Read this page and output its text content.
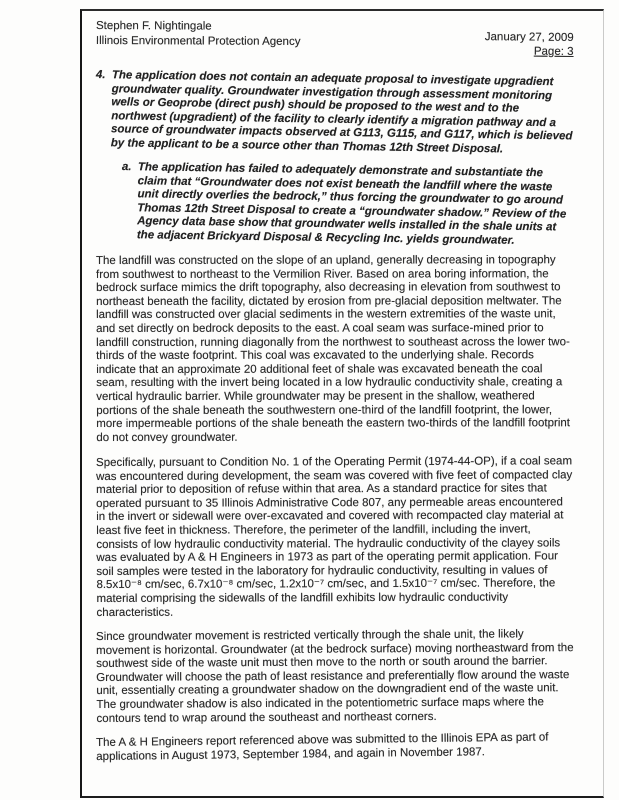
Stephen F. Nightingale
Illinois Environmental Protection Agency	January 27, 2009
Page: 3
4. The application does not contain an adequate proposal to investigate upgradient groundwater quality. Groundwater investigation through assessment monitoring wells or Geoprobe (direct push) should be proposed to the west and to the northwest (upgradient) of the facility to clearly identify a migration pathway and a source of groundwater impacts observed at G113, G115, and G117, which is believed by the applicant to be a source other than Thomas 12th Street Disposal.
a. The application has failed to adequately demonstrate and substantiate the claim that “Groundwater does not exist beneath the landfill where the waste unit directly overlies the bedrock,” thus forcing the groundwater to go around Thomas 12th Street Disposal to create a “groundwater shadow.” Review of the Agency data base show that groundwater wells installed in the shale units at the adjacent Brickyard Disposal & Recycling Inc. yields groundwater.

The landfill was constructed on the slope of an upland, generally decreasing in topography from southwest to northeast to the Vermilion River. Based on area boring information, the bedrock surface mimics the drift topography, also decreasing in elevation from southwest to northeast beneath the facility, dictated by erosion from pre-glacial deposition meltwater. The landfill was constructed over glacial sediments in the western extremities of the waste unit, and set directly on bedrock deposits to the east. A coal seam was surface-mined prior to landfill construction, running diagonally from the northwest to southeast across the lower two-thirds of the waste footprint. This coal was excavated to the underlying shale. Records indicate that an approximate 20 additional feet of shale was excavated beneath the coal seam, resulting with the invert being located in a low hydraulic conductivity shale, creating a vertical hydraulic barrier. While groundwater may be present in the shallow, weathered portions of the shale beneath the southwestern one-third of the landfill footprint, the lower, more impermeable portions of the shale beneath the eastern two-thirds of the landfill footprint do not convey groundwater.

Specifically, pursuant to Condition No. 1 of the Operating Permit (1974-44-OP), if a coal seam was encountered during development, the seam was covered with five feet of compacted clay material prior to deposition of refuse within that area. As a standard practice for sites that operated pursuant to 35 Illinois Administrative Code 807, any permeable areas encountered in the invert or sidewall were over-excavated and covered with recompacted clay material at least five feet in thickness. Therefore, the perimeter of the landfill, including the invert, consists of low hydraulic conductivity material. The hydraulic conductivity of the clayey soils was evaluated by A & H Engineers in 1973 as part of the operating permit application. Four soil samples were tested in the laboratory for hydraulic conductivity, resulting in values of 8.5x10⁻⁸ cm/sec, 6.7x10⁻⁸ cm/sec, 1.2x10⁻⁷ cm/sec, and 1.5x10⁻⁷ cm/sec. Therefore, the material comprising the sidewalls of the landfill exhibits low hydraulic conductivity characteristics.

Since groundwater movement is restricted vertically through the shale unit, the likely movement is horizontal. Groundwater (at the bedrock surface) moving northeastward from the southwest side of the waste unit must then move to the north or south around the barrier. Groundwater will choose the path of least resistance and preferentially flow around the waste unit, essentially creating a groundwater shadow on the downgradient end of the waste unit. The groundwater shadow is also indicated in the potentiometric surface maps where the contours tend to wrap around the southeast and northeast corners.

The A & H Engineers report referenced above was submitted to the Illinois EPA as part of applications in August 1973, September 1984, and again in November 1987.
